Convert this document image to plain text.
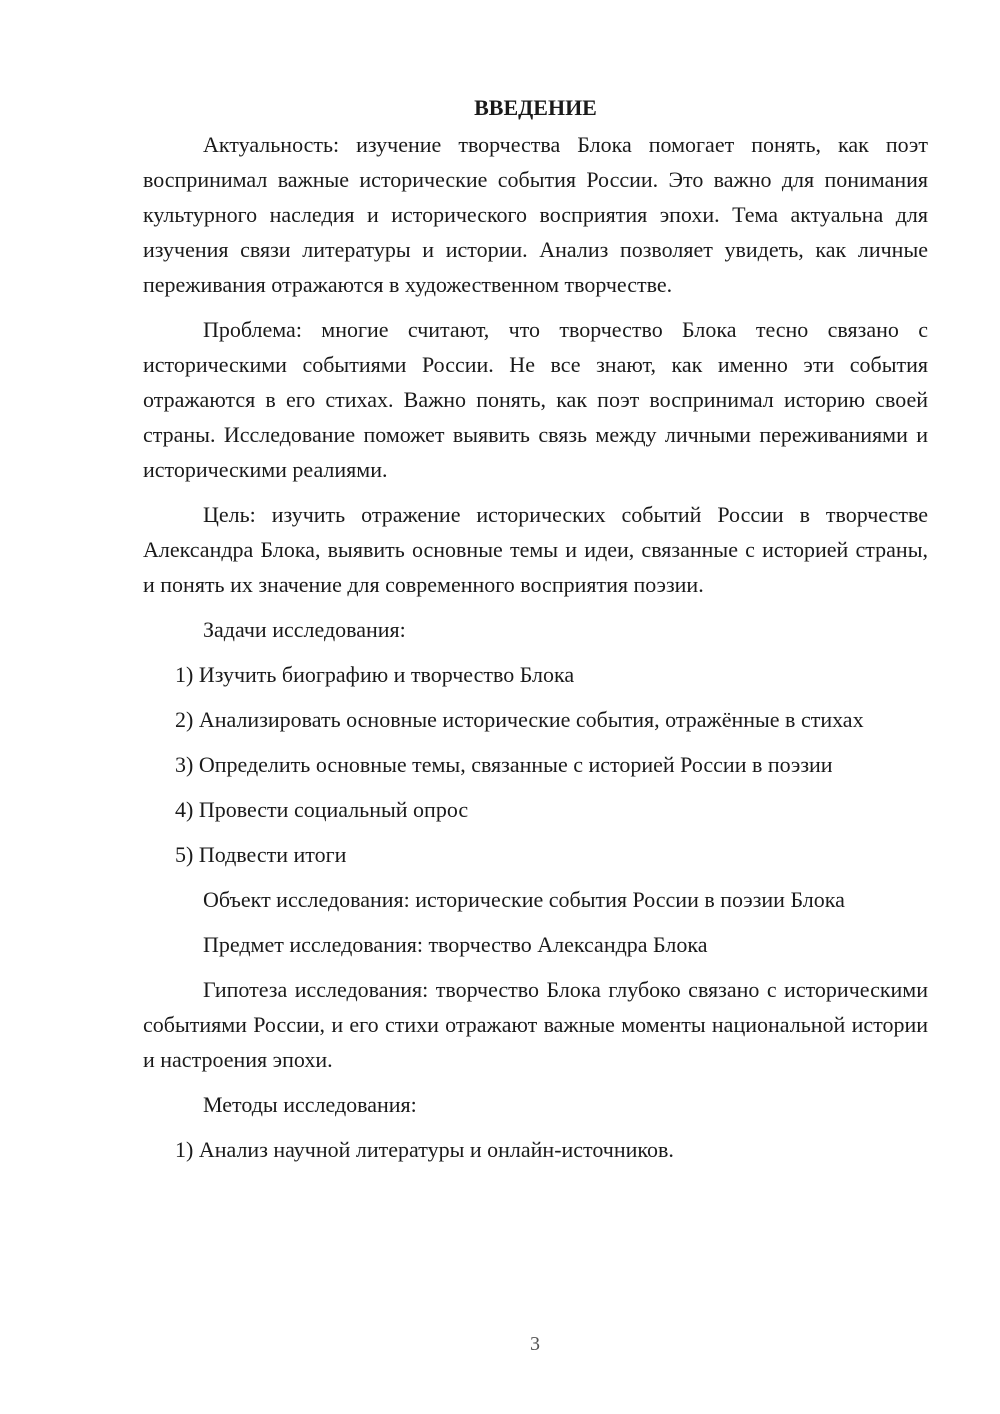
ВВЕДЕНИЕ

Актуальность: изучение творчества Блока помогает понять, как поэт воспринимал важные исторические события России. Это важно для понимания культурного наследия и исторического восприятия эпохи. Тема актуальна для изучения связи литературы и истории. Анализ позволяет увидеть, как личные переживания отражаются в художественном творчестве.

Проблема: многие считают, что творчество Блока тесно связано с историческими событиями России. Не все знают, как именно эти события отражаются в его стихах. Важно понять, как поэт воспринимал историю своей страны. Исследование поможет выявить связь между личными переживаниями и историческими реалиями.

Цель: изучить отражение исторических событий России в творчестве Александра Блока, выявить основные темы и идеи, связанные с историей страны, и понять их значение для современного восприятия поэзии.

Задачи исследования:

1) Изучить биографию и творчество Блока

2) Анализировать основные исторические события, отражённые в стихах

3) Определить основные темы, связанные с историей России в поэзии

4) Провести социальный опрос

5) Подвести итоги

Объект исследования: исторические события России в поэзии Блока

Предмет исследования: творчество Александра Блока

Гипотеза исследования: творчество Блока глубоко связано с историческими событиями России, и его стихи отражают важные моменты национальной истории и настроения эпохи.

Методы исследования:

1) Анализ научной литературы и онлайн-источников.

3
